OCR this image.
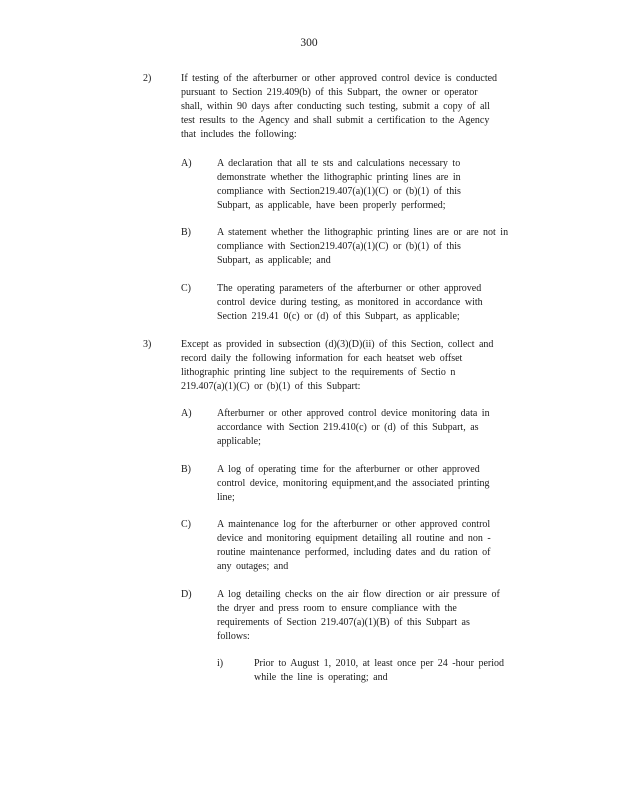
300
2)	If testing of the afterburner or other approved control device is conducted
pursuant to Section 219.409(b) of this Subpart, the owner or operator
shall, within 90 days after conducting such testing, submit a copy of all
test results to the Agency and shall submit a certification to the Agency
that includes the following:
A)	A declaration that all te sts and calculations necessary to
demonstrate whether the lithographic printing lines are in
compliance with Section219.407(a)(1)(C) or (b)(1) of this
Subpart, as applicable, have been properly performed;
B)	A statement whether the lithographic printing lines are or are not in
compliance with Section219.407(a)(1)(C) or (b)(1) of this
Subpart, as applicable; and
C)	The operating parameters of the afterburner or other approved
control device during testing, as monitored in accordance with
Section 219.41 0(c) or (d) of this Subpart, as applicable;
3)	Except as provided in subsection (d)(3)(D)(ii) of this Section, collect and
record daily the following information for each heatset web offset
lithographic printing line subject to the requirements of Sectio n
219.407(a)(1)(C) or (b)(1) of this Subpart:
A)	Afterburner or other approved control device monitoring data in
accordance with Section 219.410(c) or (d) of this Subpart, as
applicable;
B)	A log of operating time for the afterburner or other approved
control device, monitoring equipment,and the associated printing
line;
C)	A maintenance log for the afterburner or other approved control
device and monitoring equipment detailing all routine and non -
routine maintenance performed, including dates and du ration of
any outages; and
D)	A log detailing checks on the air flow direction or air pressure of
the dryer and press room to ensure compliance with the
requirements of Section 219.407(a)(1)(B) of this Subpart as
follows:
i)	Prior to August 1, 2010, at least once per 24 -hour period
while the line is operating; and
